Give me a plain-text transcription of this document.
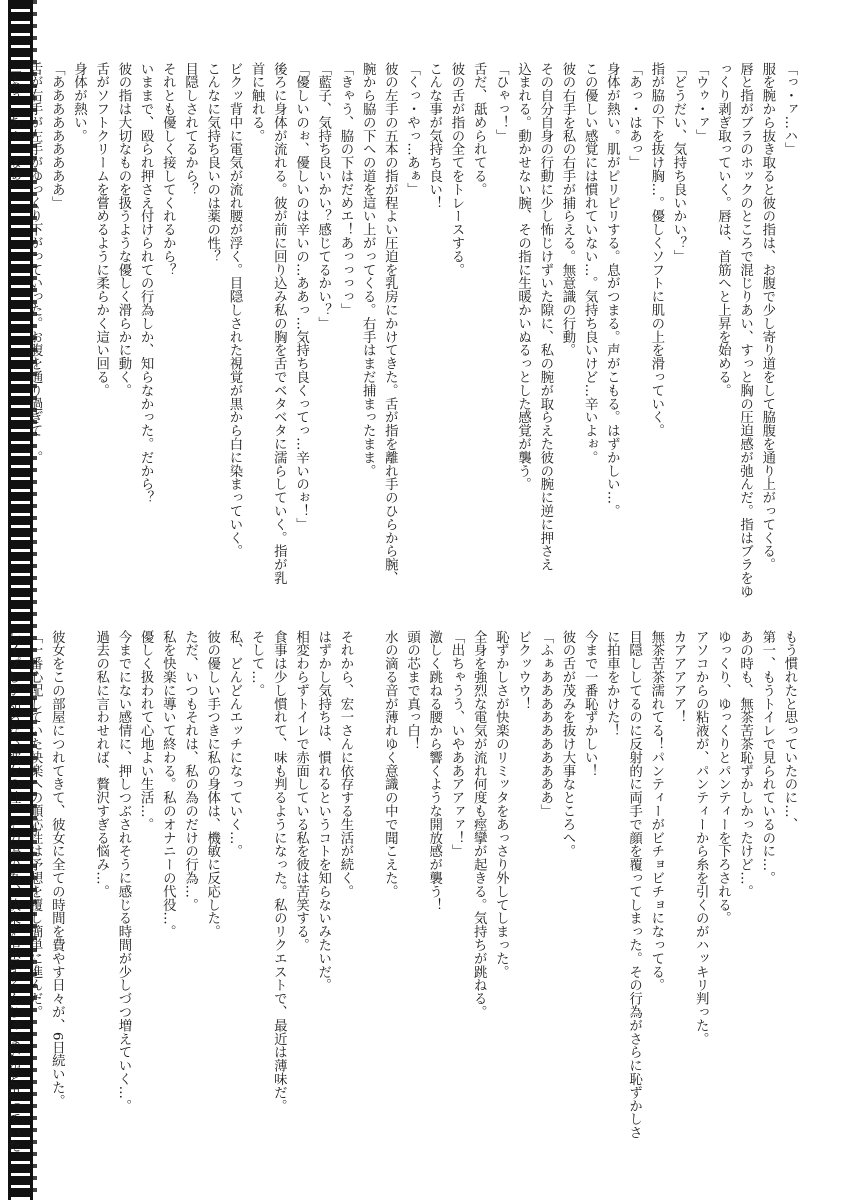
「っ・ァ…ハ」

服を腕から抜き取ると彼の指は、お腹で少し寄り道をして脇腹を通り上がってくる。

唇と指がブラのホックのところで混じりあい、すっと胸の圧迫感が弛んだ。指はブラをゆ

っくり剥ぎ取っていく。唇は、首筋へと上昇を始める。

「ウゥ・ァ」

「どうだい、気持ち良いかい？」

指が脇の下を抜け胸…。優しくソフトに肌の上を滑っていく。

「あっ・はあっ」

身体が熱い。肌がピリピリする。息がつまる。声がこもる。はずかしい…。

この優しい感覚には慣れていない…。気持ち良いけど…辛いよぉ。

彼の右手を私の右手が捕らえる。無意識の行動。

その自分自身の行動に少し怖じけずいた隙に、私の腕が取らえた彼の腕に逆に押さえ

込まれる。動かせない腕、その指に生暖かいぬるっとした感覚が襲う。

「ひゃっ！」

舌だ、舐められてる。

彼の舌が指の全てをトレースする。

こんな事が気持ち良い！

「くっ・やっ…あぁ」

彼の左手の五本の指が程よい圧迫を乳房にかけてきた。舌が指を離れ手のひらから腕、

腕から脇の下への道を這い上がってくる。右手はまだ捕まったまま。

「きゃう、脇の下はだめエ！あっっっっ」

「藍子、気持ち良いかい？感じてるかい？」

「優しいのぉ、優しいのは辛いの…ああっ…気持ち良くってっ…辛いのぉ！」

後ろに身体が流れる。彼が前に回り込み私の胸を舌でベタベタに濡らしていく。指が乳

首に触れる。

ビクッ背中に電気が流れ腰が浮く。目隠しされた視覚が黒から白に染まっていく。

こんなに気持ち良いのは薬の性？

目隠しされてるから？

それとも優しく接してくれるから？

いままで、殴られ押さえ付けられての行為しか、知らなかった。だから？

彼の指は大切なものを扱うような優しく滑らかに動く。

舌がソフトクリームを嘗めるように柔らかく這い回る。

身体が熱い。

「あああああああああ」

舌が右手が左手がゆっくり下がっていった。お腹を通り過ぎて…。

「ふぅ…あぁ…はぁ…」

もう慣れたと思っていたのに…、

第一、もうトイレで見られているのに…。

あの時も、無茶苦茶恥ずかしかったけど…。

ゆっくり、ゆっくりとパンティーを下ろされる。

アソコからの粘液が、パンティーから糸を引くのがハッキリ判った。

カアアアアア！

無茶苦茶濡れてる！パンティーがビチョビチョになってる。

目隠ししてるのに反射的に両手で顔を覆ってしまった。その行為がさらに恥ずかしさ

に拍車をかけた！

今まで一番恥ずかしい！

彼の舌が茂みを抜け大事なところへ。

「ふぁああああああああああ」

ビクッウウ！

恥ずかしさが快楽のリミッタをあっさり外してしまった。

全身を強烈な電気が流れ何度も痙攣が起きる。気持ちが跳ねる。

「出ちゃうう、いやああアアァァ！」

激しく跳ねる腰から響くような開放感が襲う！

頭の芯まで真っ白！

水の滴る音が薄れゆく意識の中で聞こえた。

それから、宏一さんに依存する生活が続く。

はずかし気持ちは、慣れるというコトを知らないみたいだ。

相変わらずトイレで赤面している私を彼は苦笑する。

食事は少し慣れて、味も判るようになった。私のリクエストで、最近は薄味だ。

そして…。

私、どんどんエッチになっていく…。

彼の優しい手つきに私の身体は、機敏に反応した。

ただ、いつもそれは、私の為のだけの行為…。

私を快楽に導いて終わる。私のオナニーの代役…。

優しく扱われて心地よい生活…。

今までにない感情に、押しつぶされそうに感じる時間が少しづつ増えていく…。

過去の私に言わせれば、贅沢すぎる悩み…。

彼女をこの部屋につれてきて、彼女に全ての時間を費やす日々が、6日続いた。

「一番心配していた快楽への順応性は予想を覆し簡単に進んだ。

レイプしか知らない彼女の性。その傷の為、快楽を拒否するんじゃないかと思っていた。
